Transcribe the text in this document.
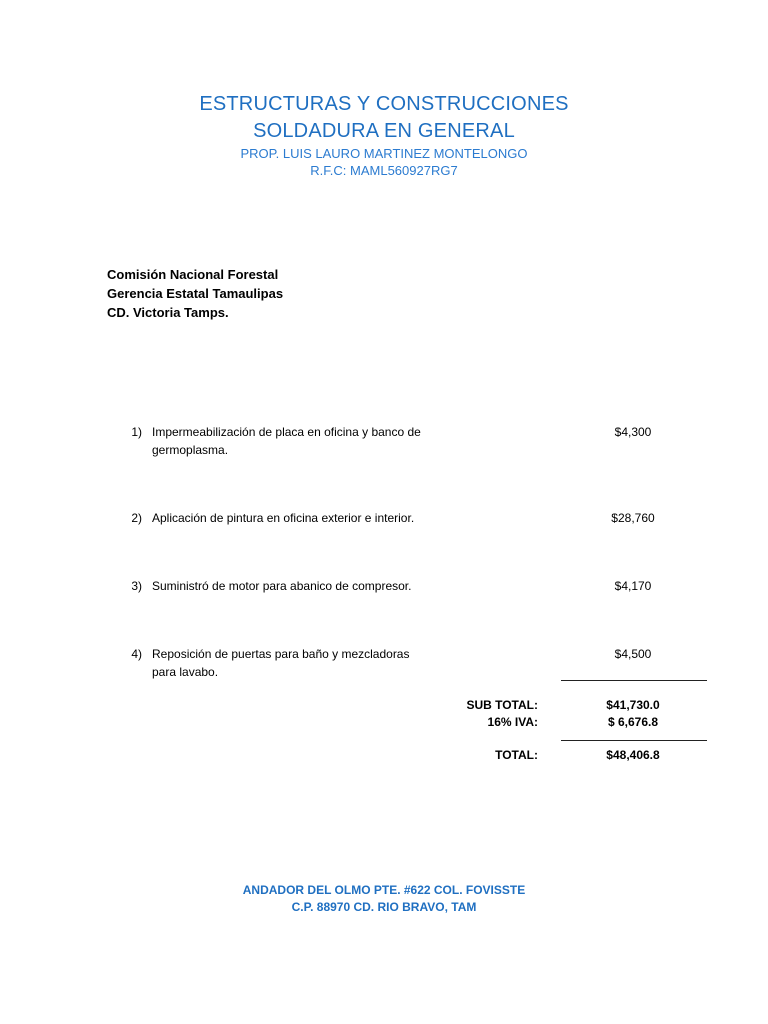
ESTRUCTURAS Y CONSTRUCCIONES
SOLDADURA EN GENERAL
PROP. LUIS LAURO MARTINEZ MONTELONGO
R.F.C: MAML560927RG7
Comisión Nacional Forestal
Gerencia Estatal Tamaulipas
CD. Victoria Tamps.
1) Impermeabilización de placa en oficina y banco de
germoplasma.
$4,300
2) Aplicación de pintura en oficina exterior e interior.	$28,760
3) Suministró de motor para abanico de compresor.	$4,170
4) Reposición de puertas para baño y mezcladoras
para lavabo.
$4,500
SUB TOTAL:	$41,730.0
16% IVA:	$ 6,676.8
TOTAL:	$48,406.8
ANDADOR DEL OLMO PTE. #622 COL. FOVISSTE
C.P. 88970 CD. RIO BRAVO, TAM
